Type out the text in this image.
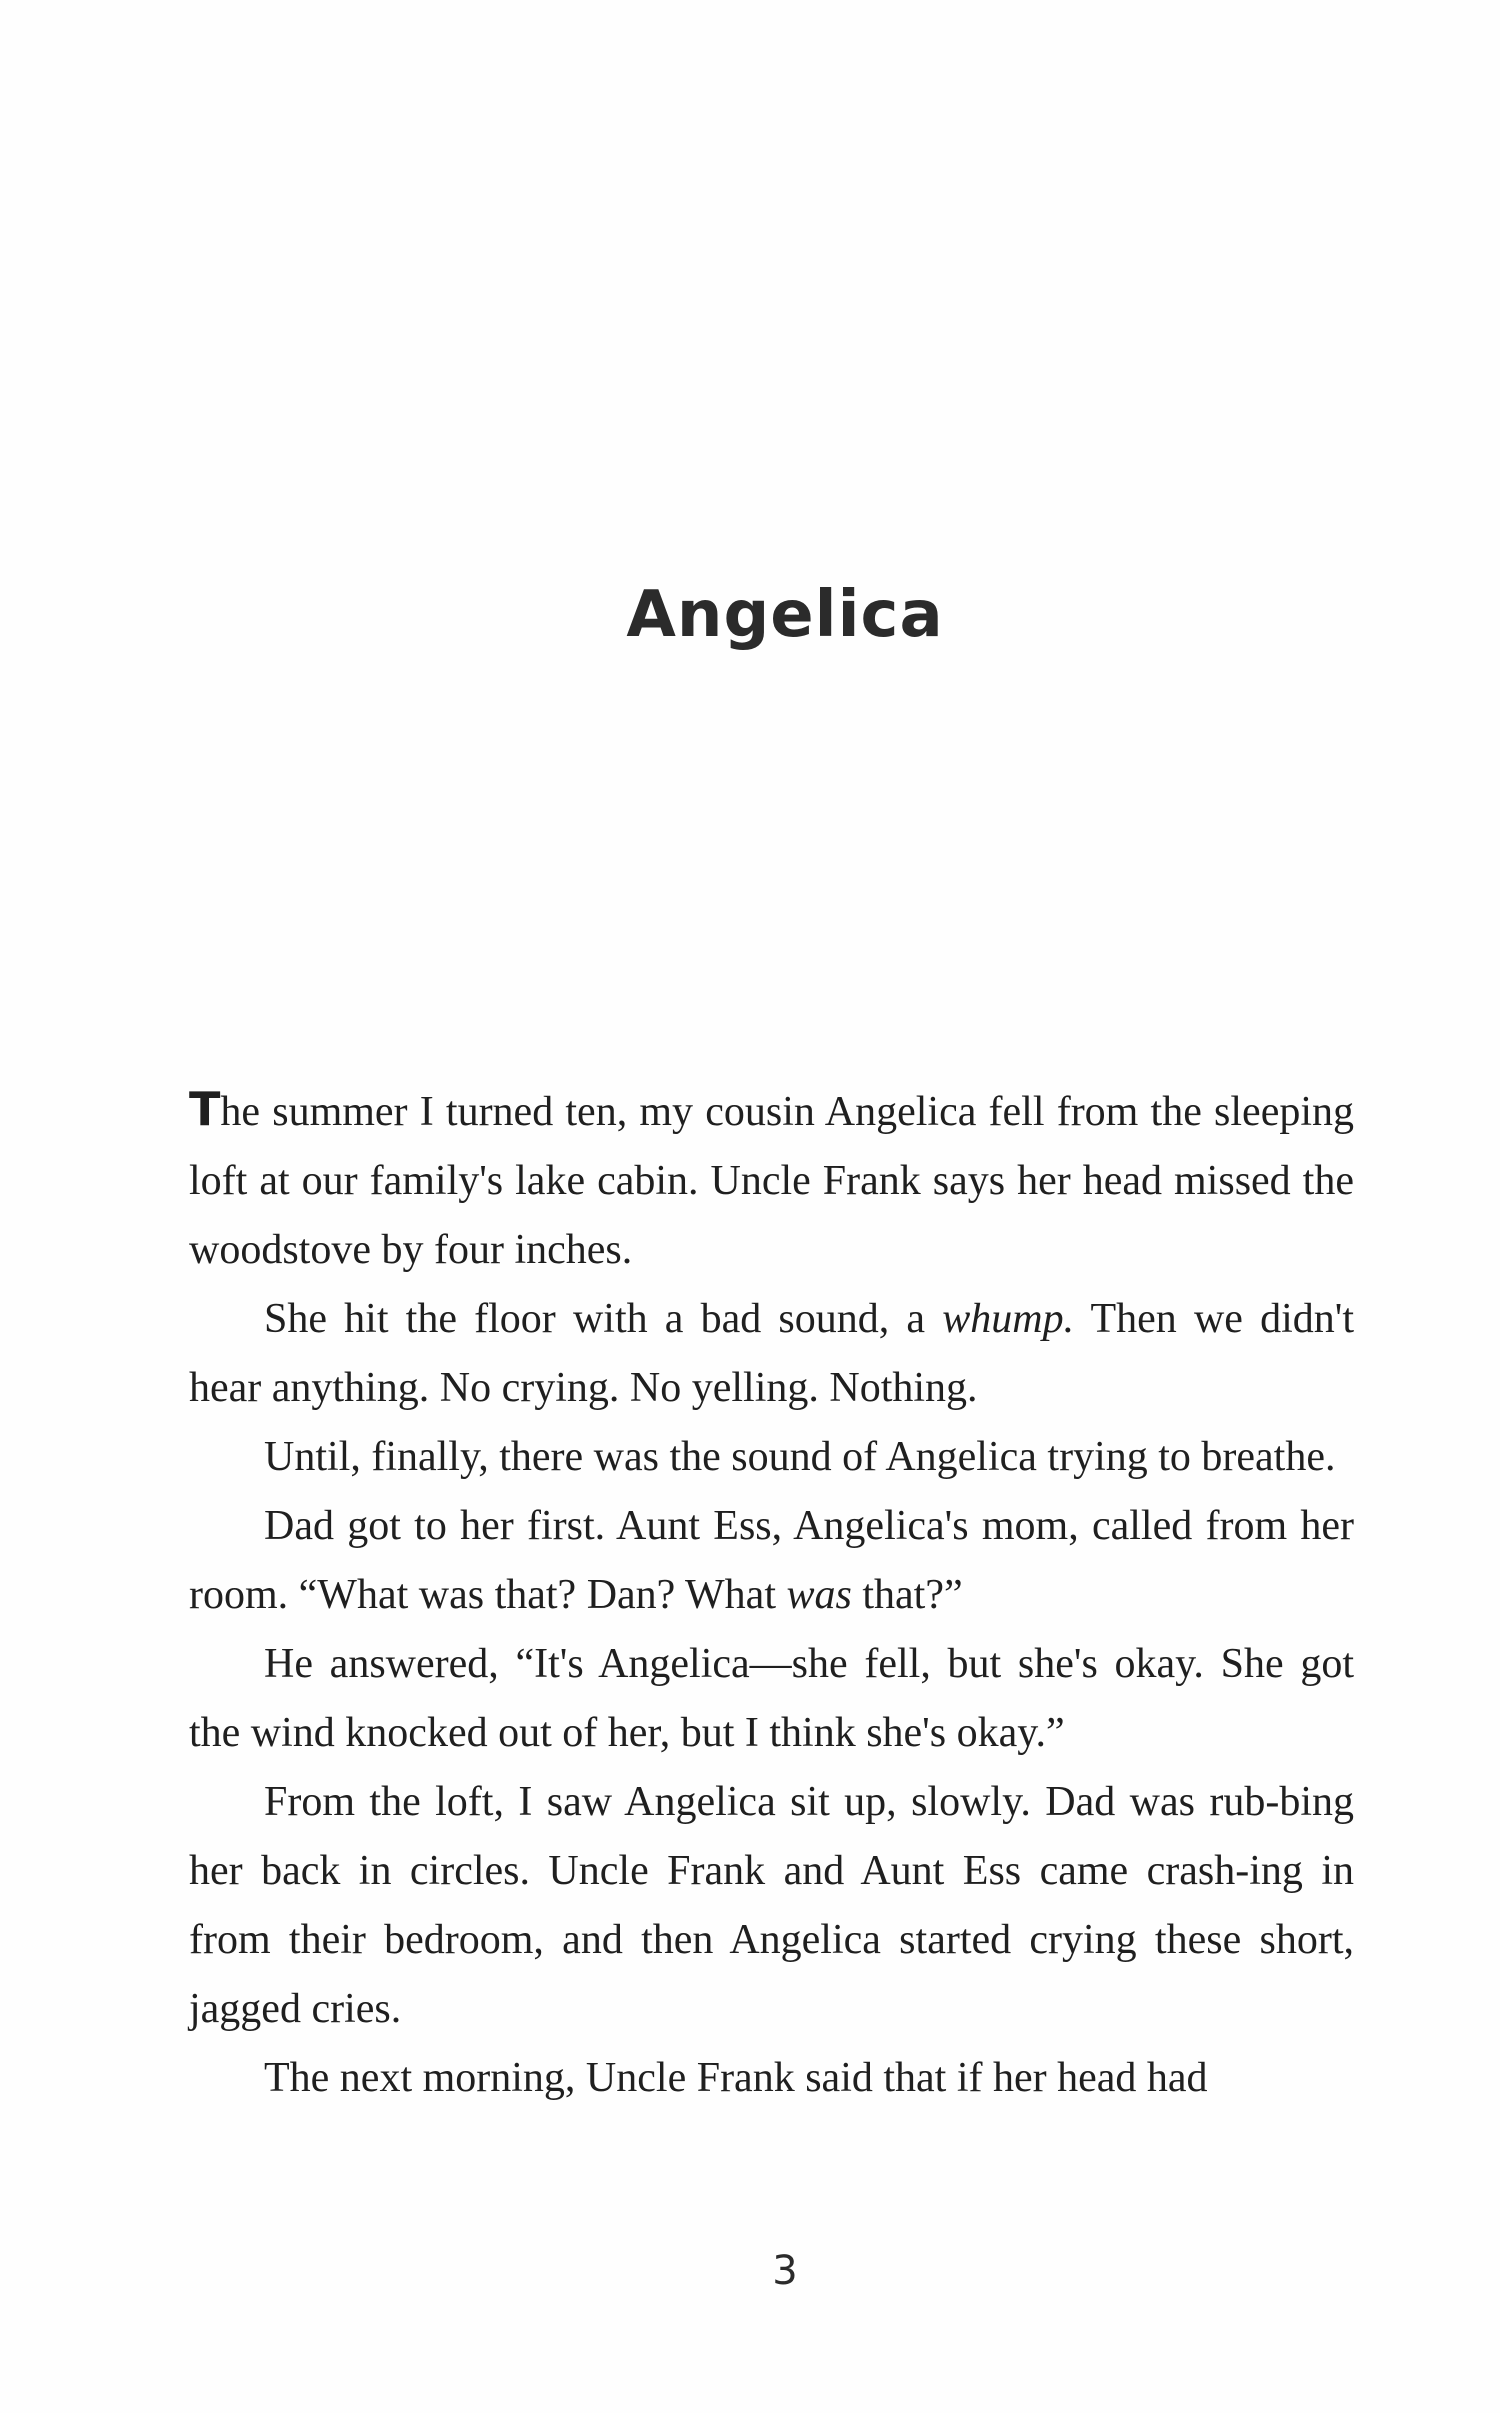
Angelica

The summer I turned ten, my cousin Angelica fell from the sleeping loft at our family's lake cabin. Uncle Frank says her head missed the woodstove by four inches.

She hit the floor with a bad sound, a whump. Then we didn't hear anything. No crying. No yelling. Nothing.

Until, finally, there was the sound of Angelica trying to breathe.

Dad got to her first. Aunt Ess, Angelica's mom, called from her room. “What was that? Dan? What was that?”

He answered, “It's Angelica—she fell, but she's okay. She got the wind knocked out of her, but I think she's okay.”

From the loft, I saw Angelica sit up, slowly. Dad was rub-bing her back in circles. Uncle Frank and Aunt Ess came crash-ing in from their bedroom, and then Angelica started crying these short, jagged cries.

The next morning, Uncle Frank said that if her head had

3
